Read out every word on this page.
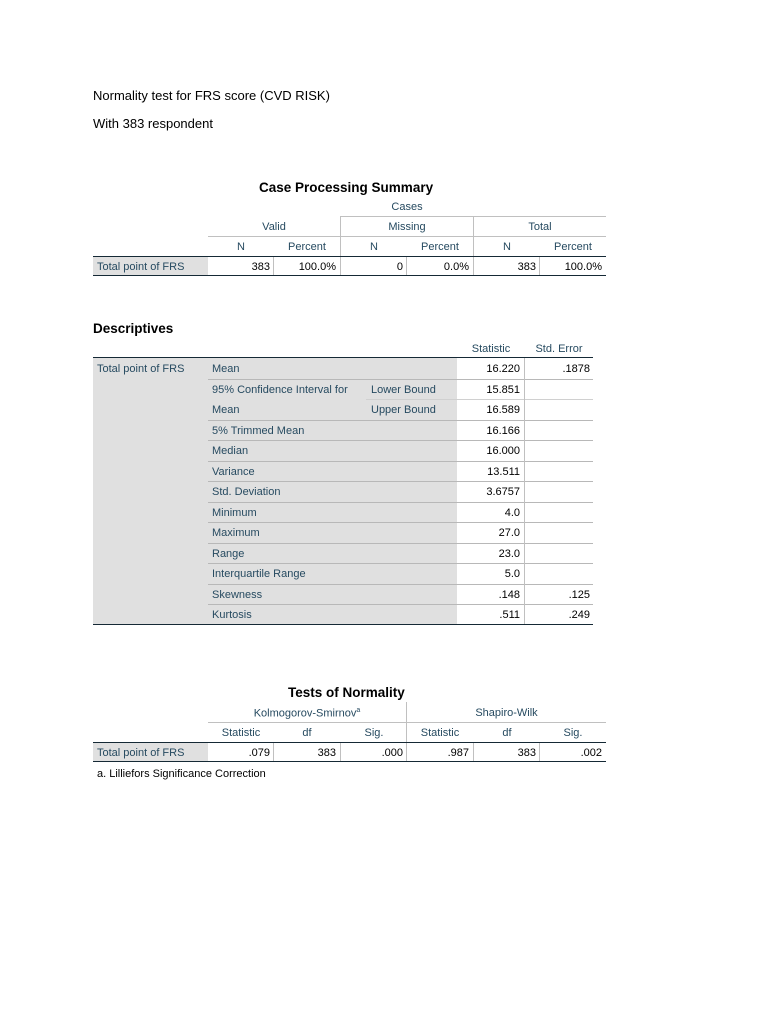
Normality test for FRS score (CVD RISK)
With 383 respondent
Case Processing Summary
Cases
Valid	Missing	Total
N	Percent	N	Percent	N	Percent
Total point of FRS	383	100.0%	0	0.0%	383	100.0%
Descriptives
Statistic	Std. Error
Total point of FRS	Mean	16.220	.1878
95% Confidence Interval for Lower Bound	15.851
Mean	Upper Bound	16.589
5% Trimmed Mean	16.166
Median	16.000
Variance	13.511
Std. Deviation	3.6757
Minimum	4.0
Maximum	27.0
Range	23.0
Interquartile Range	5.0
Skewness	.148	.125
Kurtosis	.511	.249
Tests of Normality
Kolmogorov-Smirnov$^a$	Shapiro-Wilk
Statistic	df	Sig.	Statistic	df	Sig.
Total point of FRS	.079	383	.000	.987	383	.002
a. Lilliefors Significance Correction
